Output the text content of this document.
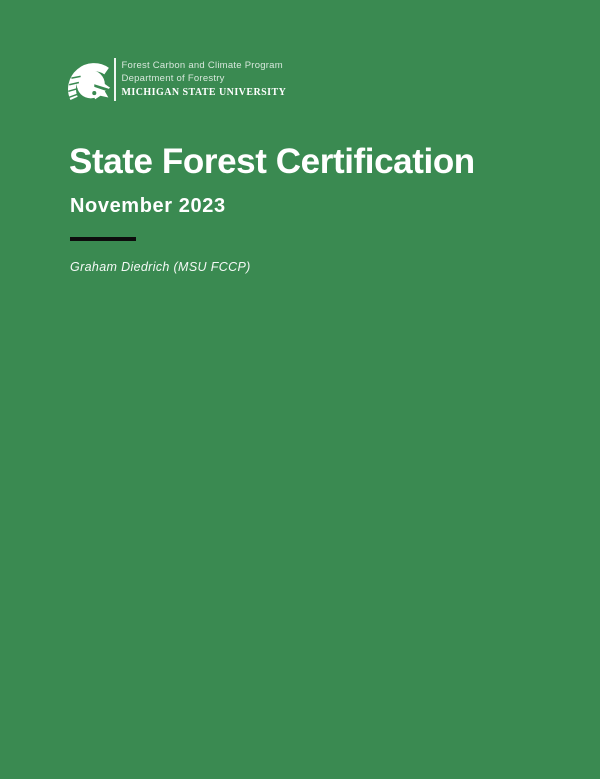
Forest Carbon and Climate Program
Department of Forestry
MICHIGAN STATE UNIVERSITY
State Forest Certification
November 2023
Graham Diedrich (MSU FCCP)
